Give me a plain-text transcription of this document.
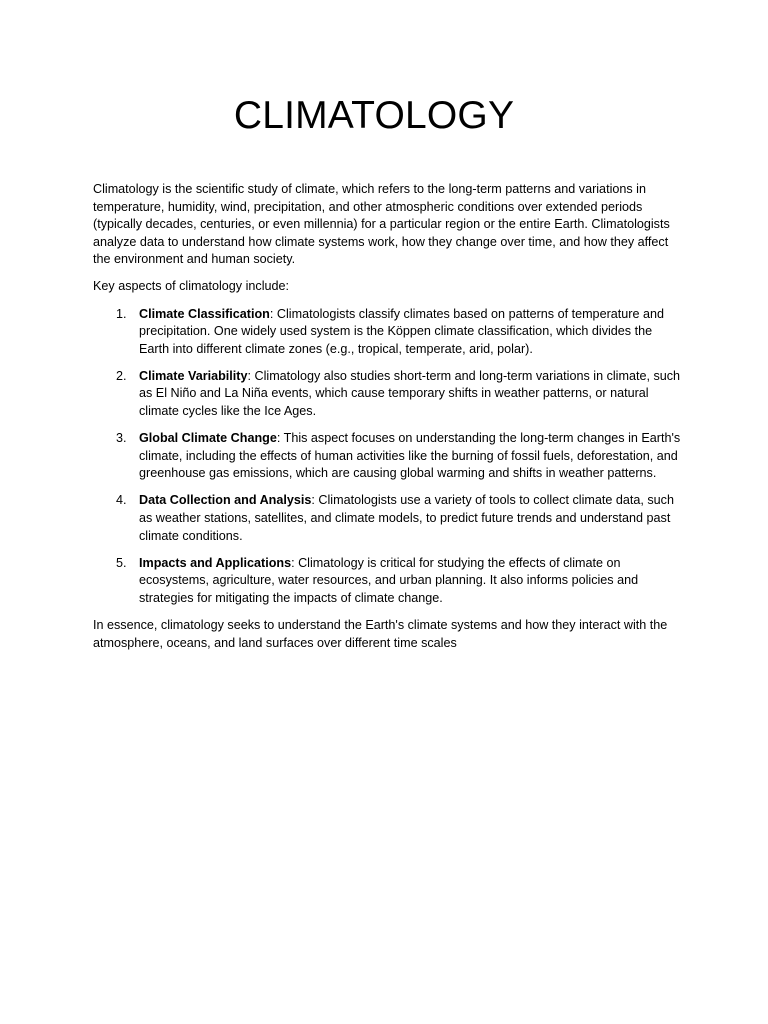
CLIMATOLOGY

Climatology is the scientific study of climate, which refers to the long-term patterns and variations in temperature, humidity, wind, precipitation, and other atmospheric conditions over extended periods (typically decades, centuries, or even millennia) for a particular region or the entire Earth. Climatologists analyze data to understand how climate systems work, how they change over time, and how they affect the environment and human society.

Key aspects of climatology include:

1. Climate Classification: Climatologists classify climates based on patterns of temperature and precipitation. One widely used system is the Köppen climate classification, which divides the Earth into different climate zones (e.g., tropical, temperate, arid, polar).
2. Climate Variability: Climatology also studies short-term and long-term variations in climate, such as El Niño and La Niña events, which cause temporary shifts in weather patterns, or natural climate cycles like the Ice Ages.
3. Global Climate Change: This aspect focuses on understanding the long-term changes in Earth's climate, including the effects of human activities like the burning of fossil fuels, deforestation, and greenhouse gas emissions, which are causing global warming and shifts in weather patterns.
4. Data Collection and Analysis: Climatologists use a variety of tools to collect climate data, such as weather stations, satellites, and climate models, to predict future trends and understand past climate conditions.
5. Impacts and Applications: Climatology is critical for studying the effects of climate on ecosystems, agriculture, water resources, and urban planning. It also informs policies and strategies for mitigating the impacts of climate change.

In essence, climatology seeks to understand the Earth's climate systems and how they interact with the atmosphere, oceans, and land surfaces over different time scales
